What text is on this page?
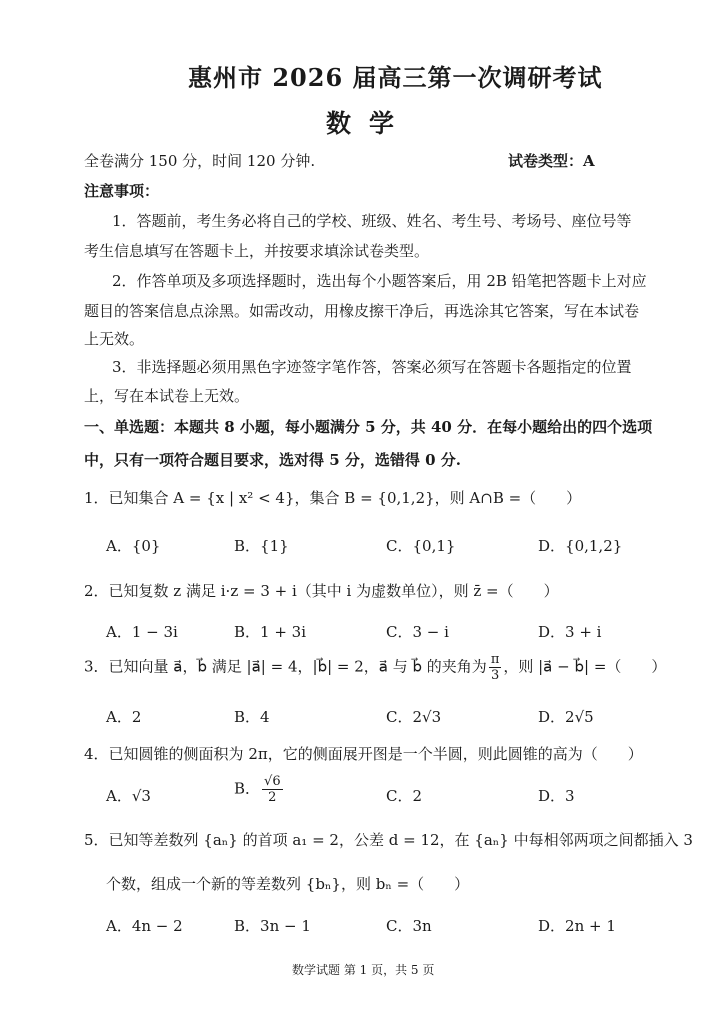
惠州市 2026 届高三第一次调研考试
数学
全卷满分 150 分，时间 120 分钟.	试卷类型：A
注意事项：
1．答题前，考生务必将自己的学校、班级、姓名、考生号、考场号、座位号等
考生信息填写在答题卡上，并按要求填涂试卷类型。
2．作答单项及多项选择题时，选出每个小题答案后，用 2B 铅笔把答题卡上对应
题目的答案信息点涂黑。如需改动，用橡皮擦干净后，再选涂其它答案，写在本试卷
上无效。
3．非选择题必须用黑色字迹签字笔作答，答案必须写在答题卡各题指定的位置
上，写在本试卷上无效。
一、单选题：本题共 8 小题，每小题满分 5 分，共 40 分．在每小题给出的四个选项
中，只有一项符合题目要求，选对得 5 分，选错得 0 分.
1．已知集合 A = {x | x² < 4}，集合 B = {0,1,2}，则 A∩B =（　　）
A．{0}	B．{1}	C．{0,1}	D．{0,1,2}
2．已知复数 z 满足 i·z = 3 + i（其中 i 为虚数单位），则 z̄ =（　　）
A．1 − 3i	B．1 + 3i	C．3 − i	D．3 + i
3．已知向量 a⃗，b⃗ 满足 |a⃗| = 4，|b⃗| = 2，a⃗ 与 b⃗ 的夹角为 $\frac{\pi}{3}$ ，则 |a⃗ − b⃗| =（　　）
A．2	B．4	C．2√3	D．2√5
4．已知圆锥的侧面积为 2π，它的侧面展开图是一个半圆，则此圆锥的高为（　　）
A．√3	B． $\frac{√6}{2}$	C．2	D．3
5．已知等差数列 {aₙ} 的首项 a₁ = 2，公差 d = 12，在 {aₙ} 中每相邻两项之间都插入 3
个数，组成一个新的等差数列 {bₙ}，则 bₙ =（　　）
A．4n − 2	B．3n − 1	C．3n	D．2n + 1
数学试题 第 1 页，共 5 页
